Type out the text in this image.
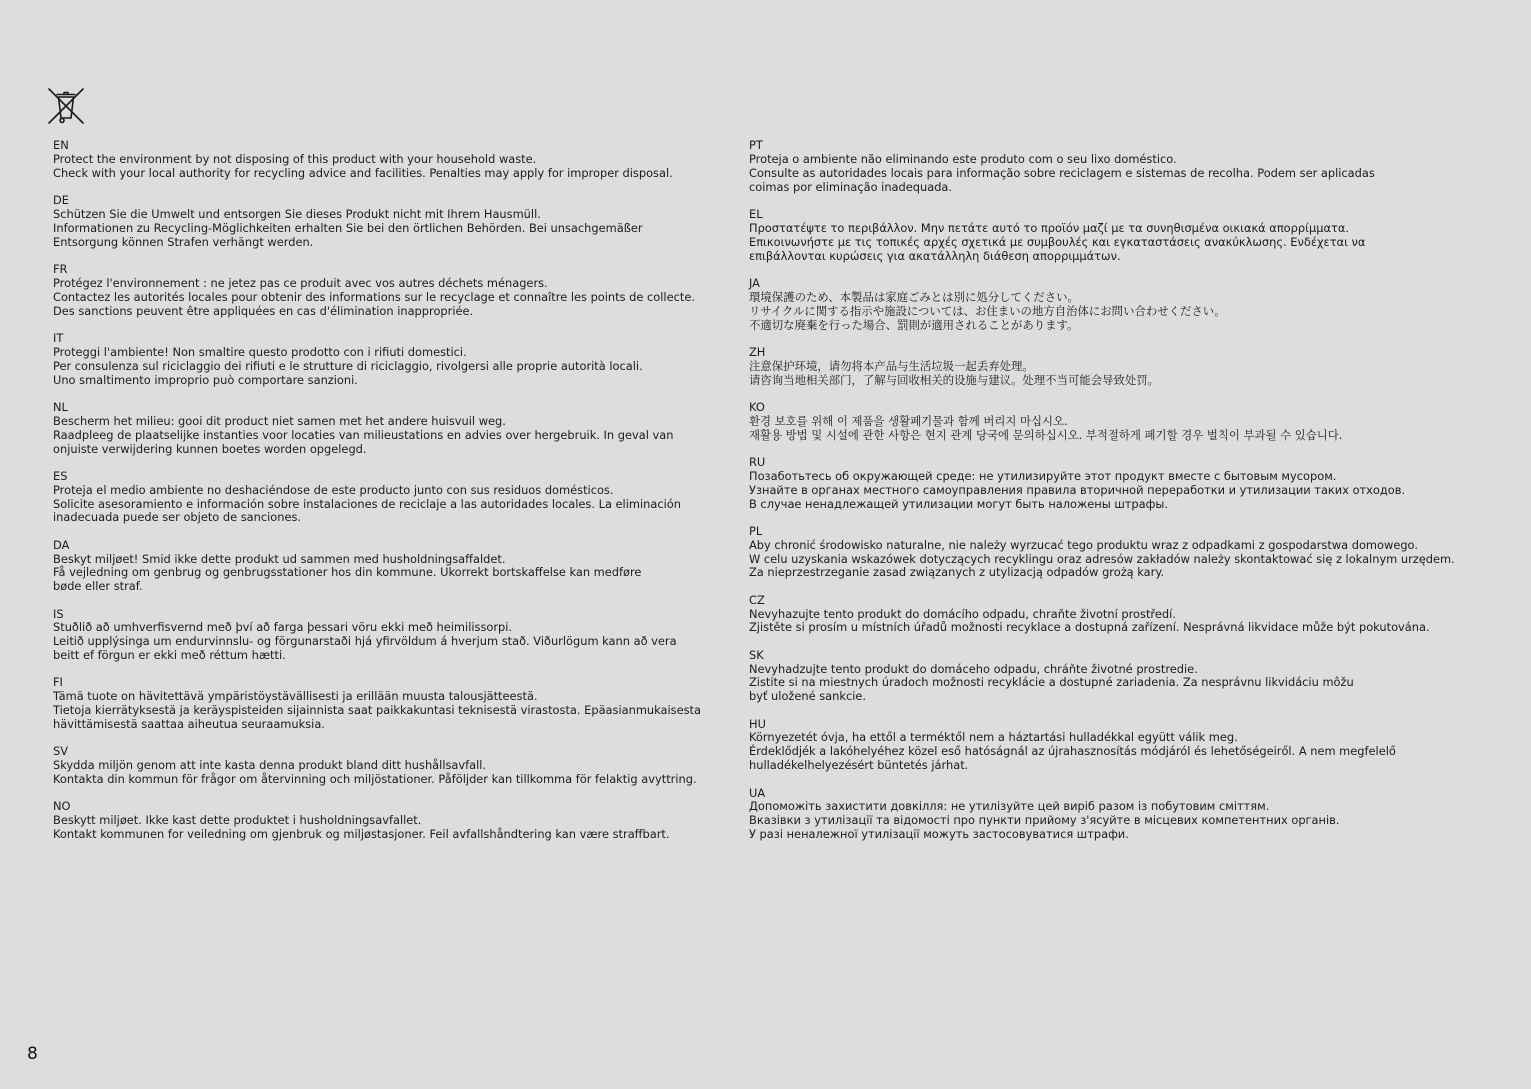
EN
Protect the environment by not disposing of this product with your household waste.
Check with your local authority for recycling advice and facilities. Penalties may apply for improper disposal.
DE
Schützen Sie die Umwelt und entsorgen Sie dieses Produkt nicht mit Ihrem Hausmüll.
Informationen zu Recycling-Möglichkeiten erhalten Sie bei den örtlichen Behörden. Bei unsachgemäßer
Entsorgung können Strafen verhängt werden.
FR
Protégez l'environnement : ne jetez pas ce produit avec vos autres déchets ménagers.
Contactez les autorités locales pour obtenir des informations sur le recyclage et connaître les points de collecte.
Des sanctions peuvent être appliquées en cas d'élimination inappropriée.
IT
Proteggi l'ambiente! Non smaltire questo prodotto con i rifiuti domestici.
Per consulenza sul riciclaggio dei rifiuti e le strutture di riciclaggio, rivolgersi alle proprie autorità locali.
Uno smaltimento improprio può comportare sanzioni.
NL
Bescherm het milieu: gooi dit product niet samen met het andere huisvuil weg.
Raadpleeg de plaatselijke instanties voor locaties van milieustations en advies over hergebruik. In geval van
onjuiste verwijdering kunnen boetes worden opgelegd.
ES
Proteja el medio ambiente no deshaciéndose de este producto junto con sus residuos domésticos.
Solicite asesoramiento e información sobre instalaciones de reciclaje a las autoridades locales. La eliminación
inadecuada puede ser objeto de sanciones.
DA
Beskyt miljøet! Smid ikke dette produkt ud sammen med husholdningsaffaldet.
Få vejledning om genbrug og genbrugsstationer hos din kommune. Ukorrekt bortskaffelse kan medføre
bøde eller straf.
IS
Stuðlið að umhverfisvernd með því að farga þessari vöru ekki með heimilissorpi.
Leitið upplýsinga um endurvinnslu- og förgunarstaði hjá yfirvöldum á hverjum stað. Viðurlögum kann að vera
beitt ef förgun er ekki með réttum hætti.
FI
Tämä tuote on hävitettävä ympäristöystävällisesti ja erillään muusta talousjätteestä.
Tietoja kierrätyksestä ja keräyspisteiden sijainnista saat paikkakuntasi teknisestä virastosta. Epäasianmukaisesta
hävittämisestä saattaa aiheutua seuraamuksia.
SV
Skydda miljön genom att inte kasta denna produkt bland ditt hushållsavfall.
Kontakta din kommun för frågor om återvinning och miljöstationer. Påföljder kan tillkomma för felaktig avyttring.
NO
Beskytt miljøet. Ikke kast dette produktet i husholdningsavfallet.
Kontakt kommunen for veiledning om gjenbruk og miljøstasjoner. Feil avfallshåndtering kan være straffbart.
PT
Proteja o ambiente não eliminando este produto com o seu lixo doméstico.
Consulte as autoridades locais para informação sobre reciclagem e sistemas de recolha. Podem ser aplicadas
coimas por eliminação inadequada.
EL
Προστατέψτε το περιβάλλον. Μην πετάτε αυτό το προϊόν μαζί με τα συνηθισμένα οικιακά απορρίμματα.
Επικοινωνήστε με τις τοπικές αρχές σχετικά με συμβουλές και εγκαταστάσεις ανακύκλωσης. Ενδέχεται να
επιβάλλονται κυρώσεις για ακατάλληλη διάθεση απορριμμάτων.
JA
環境保護のため、本製品は家庭ごみとは別に処分してください。
リサイクルに関する指示や施設については、お住まいの地方自治体にお問い合わせください。
不適切な廃棄を行った場合、罰則が適用されることがあります。
ZH
注意保护环境，请勿将本产品与生活垃圾一起丢弃处理。
请咨询当地相关部门，了解与回收相关的设施与建议。处理不当可能会导致处罚。
KO
환경 보호를 위해 이 제품을 생활폐기물과 함께 버리지 마십시오.
재활용 방법 및 시설에 관한 사항은 현지 관계 당국에 문의하십시오. 부적절하게 폐기할 경우 벌칙이 부과될 수 있습니다.
RU
Позаботьтесь об окружающей среде: не утилизируйте этот продукт вместе с бытовым мусором.
Узнайте в органах местного самоуправления правила вторичной переработки и утилизации таких отходов.
В случае ненадлежащей утилизации могут быть наложены штрафы.
PL
Aby chronić środowisko naturalne, nie należy wyrzucać tego produktu wraz z odpadkami z gospodarstwa domowego.
W celu uzyskania wskazówek dotyczących recyklingu oraz adresów zakładów należy skontaktować się z lokalnym urzędem.
Za nieprzestrzeganie zasad związanych z utylizacją odpadów grożą kary.
CZ
Nevyhazujte tento produkt do domácího odpadu, chraňte životní prostředí.
Zjistěte si prosím u místních úřadů možnosti recyklace a dostupná zařízení. Nesprávná likvidace může být pokutována.
SK
Nevyhadzujte tento produkt do domáceho odpadu, chráňte životné prostredie.
Zistite si na miestnych úradoch možnosti recyklácie a dostupné zariadenia. Za nesprávnu likvidáciu môžu
byť uložené sankcie.
HU
Környezetét óvja, ha ettől a terméktől nem a háztartási hulladékkal együtt válik meg.
Érdeklődjék a lakóhelyéhez közel eső hatóságnál az újrahasznosítás módjáról és lehetőségeiről. A nem megfelelő
hulladékelhelyezésért büntetés járhat.
UA
Допоможіть захистити довкілля: не утилізуйте цей виріб разом із побутовим сміттям.
Вказівки з утилізації та відомості про пункти прийому з'ясуйте в місцевих компетентних органів.
У разі неналежної утилізації можуть застосовуватися штрафи.
8
